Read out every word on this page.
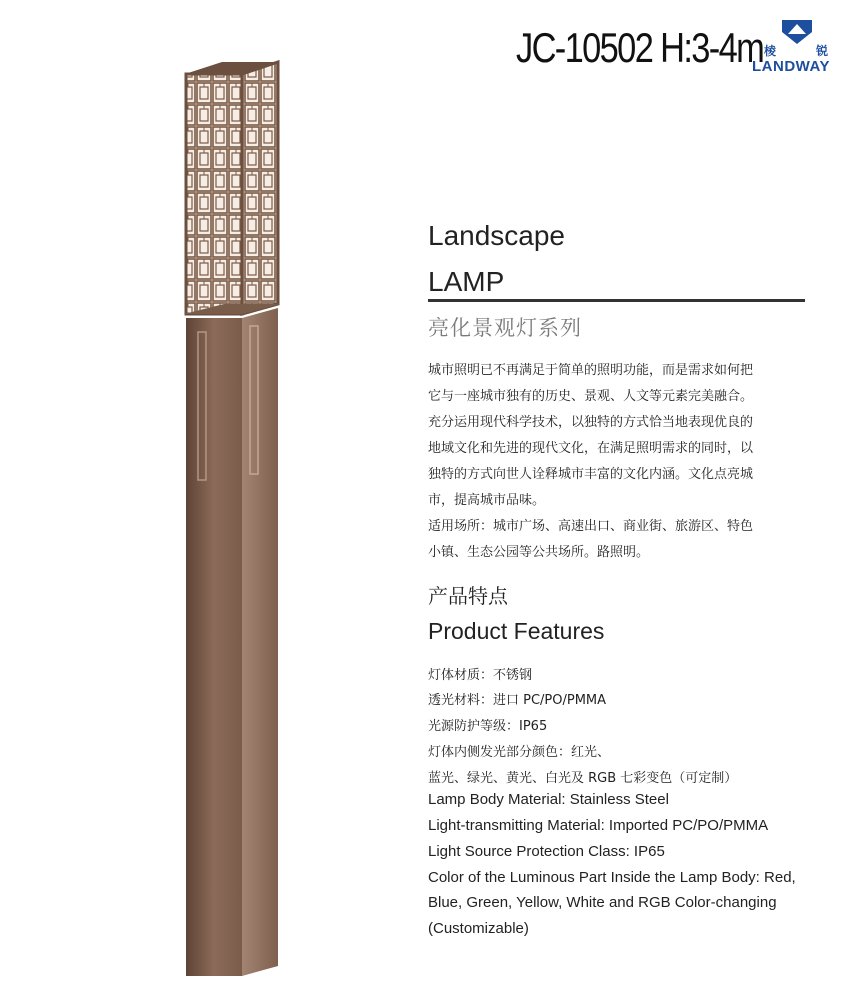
JC-10502 H:3-4m 棱	锐
LANDWAY
Landscape
LAMP
亮化景观灯系列
城市照明已不再满足于简单的照明功能，而是需求如何把
它与一座城市独有的历史、景观、人文等元素完美融合。
充分运用现代科学技术，以独特的方式恰当地表现优良的
地域文化和先进的现代文化，在满足照明需求的同时，以
独特的方式向世人诠释城市丰富的文化内涵。文化点亮城
市，提高城市品味。
适用场所：城市广场、高速出口、商业街、旅游区、特色
小镇、生态公园等公共场所。路照明。
产品特点
Product Features
灯体材质：不锈钢
透光材料：进口 PC/PO/PMMA
光源防护等级：IP65
灯体内侧发光部分颜色：红光、
蓝光、绿光、黄光、白光及 RGB 七彩变色（可定制）
Lamp Body Material: Stainless Steel
Light-transmitting Material: Imported PC/PO/PMMA
Light Source Protection Class: IP65
Color of the Luminous Part Inside the Lamp Body: Red,
Blue, Green, Yellow, White and RGB Color-changing
(Customizable)
